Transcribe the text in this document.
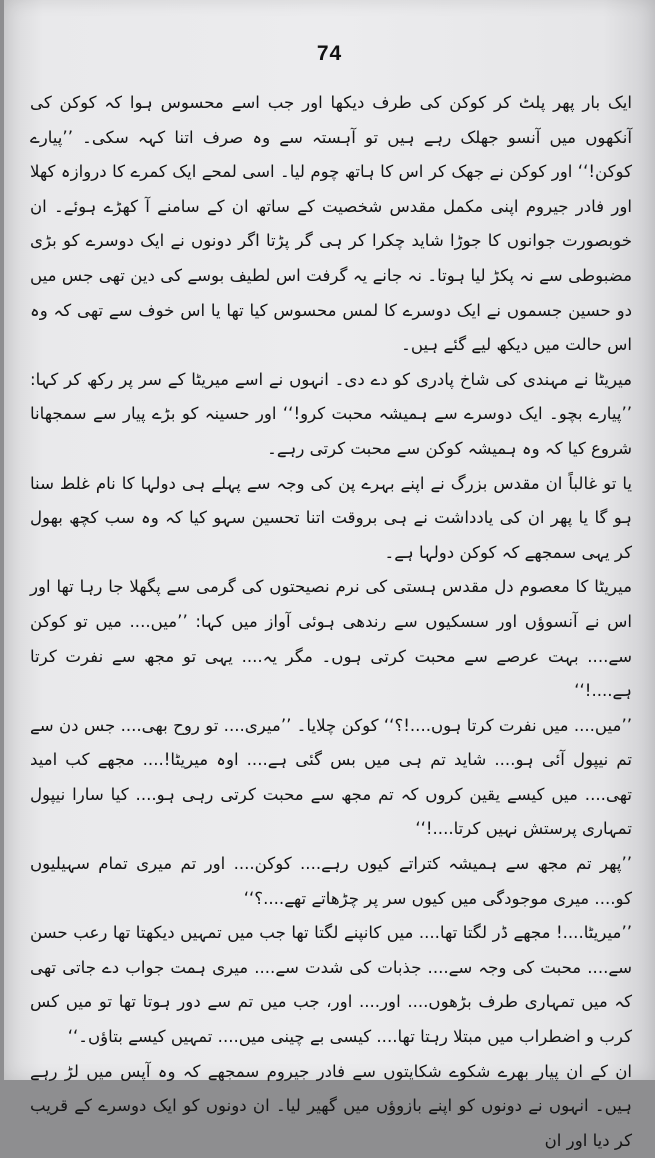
74

ایک بار پھر پلٹ کر کوکن کی طرف دیکھا اور جب اسے محسوس ہوا کہ کوکن کی آنکھوں میں آنسو جھلک رہے ہیں تو آہستہ سے وہ صرف اتنا کہہ سکی۔ ’’پیارے کوکن!‘‘ اور کوکن نے جھک کر اس کا ہاتھ چوم لیا۔ اسی لمحے ایک کمرے کا دروازہ کھلا اور فادر جیروم اپنی مکمل مقدس شخصیت کے ساتھ ان کے سامنے آ کھڑے ہوئے۔ ان خوبصورت جوانوں کا جوڑا شاید چکرا کر ہی گر پڑتا اگر دونوں نے ایک دوسرے کو بڑی مضبوطی سے نہ پکڑ لیا ہوتا۔ نہ جانے یہ گرفت اس لطیف بوسے کی دین تھی جس میں دو حسین جسموں نے ایک دوسرے کا لمس محسوس کیا تھا یا اس خوف سے تھی کہ وہ اس حالت میں دیکھ لیے گئے ہیں۔

میریٹا نے مہندی کی شاخ پادری کو دے دی۔ انہوں نے اسے میریٹا کے سر پر رکھ کر کہا: ’’پیارے بچو۔ ایک دوسرے سے ہمیشہ محبت کرو!‘‘ اور حسینہ کو بڑے پیار سے سمجھانا شروع کیا کہ وہ ہمیشہ کوکن سے محبت کرتی رہے۔

یا تو غالباً ان مقدس بزرگ نے اپنے بہرے پن کی وجہ سے پہلے ہی دولہا کا نام غلط سنا ہو گا یا پھر ان کی یادداشت نے ہی بروقت اتنا تحسین سہو کیا کہ وہ سب کچھ بھول کر یہی سمجھے کہ کوکن دولہا ہے۔

میریٹا کا معصوم دل مقدس ہستی کی نرم نصیحتوں کی گرمی سے پگھلا جا رہا تھا اور اس نے آنسوؤں اور سسکیوں سے رندھی ہوئی آواز میں کہا: ’’میں.... میں تو کوکن سے.... بہت عرصے سے محبت کرتی ہوں۔ مگر یہ.... یہی تو مجھ سے نفرت کرتا ہے....!‘‘

’’میں.... میں نفرت کرتا ہوں....!؟‘‘ کوکن چلایا۔ ’’میری.... تو روح بھی.... جس دن سے تم نیپول آئی ہو.... شاید تم ہی میں بس گئی ہے.... اوہ میریٹا!.... مجھے کب امید تھی.... میں کیسے یقین کروں کہ تم مجھ سے محبت کرتی رہی ہو.... کیا سارا نیپول تمہاری پرستش نہیں کرتا....!‘‘

’’پھر تم مجھ سے ہمیشہ کتراتے کیوں رہے.... کوکن.... اور تم میری تمام سہیلیوں کو.... میری موجودگی میں کیوں سر پر چڑھاتے تھے....؟‘‘

’’میریٹا....! مجھے ڈر لگتا تھا.... میں کانپنے لگتا تھا جب میں تمہیں دیکھتا تھا رعب حسن سے.... محبت کی وجہ سے.... جذبات کی شدت سے.... میری ہمت جواب دے جاتی تھی کہ میں تمہاری طرف بڑھوں.... اور.... اور، جب میں تم سے دور ہوتا تھا تو میں کس کرب و اضطراب میں مبتلا رہتا تھا.... کیسی بے چینی میں.... تمہیں کیسے بتاؤں۔‘‘

ان کے ان پیار بھرے شکوے شکایتوں سے فادر جیروم سمجھے کہ وہ آپس میں لڑ رہے ہیں۔ انہوں نے دونوں کو اپنے بازوؤں میں گھیر لیا۔ ان دونوں کو ایک دوسرے کے قریب کر دیا اور ان
